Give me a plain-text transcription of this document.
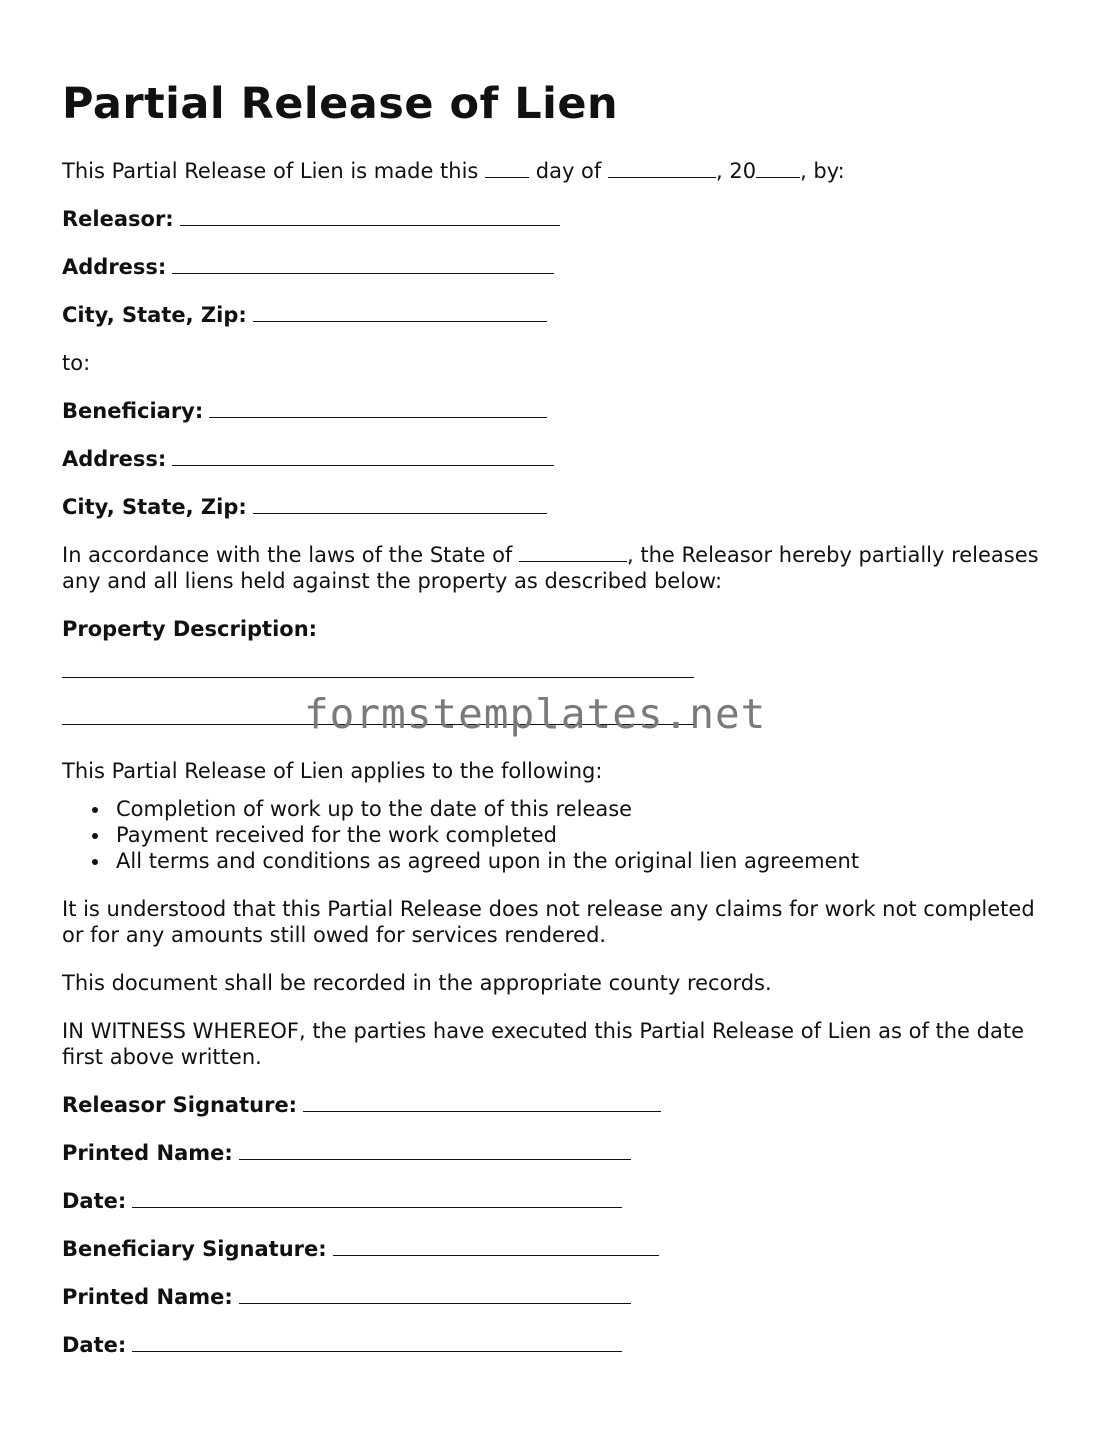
Partial Release of Lien
This Partial Release of Lien is made this	day of	, 20 , by:
Releasor:
Address:
City, State, Zip:
to:
Beneficiary:
Address:
City, State, Zip:
In accordance with the laws of the State of	, the Releasor hereby partially releases any and all liens held against the property as described below:
Property Description:
formstemplates.net
This Partial Release of Lien applies to the following:
Completion of work up to the date of this release
Payment received for the work completed
All terms and conditions as agreed upon in the original lien agreement
It is understood that this Partial Release does not release any claims for work not completed or for any amounts still owed for services rendered.
This document shall be recorded in the appropriate county records.
IN WITNESS WHEREOF, the parties have executed this Partial Release of Lien as of the date first above written.
Releasor Signature:
Printed Name:
Date:
Beneficiary Signature:
Printed Name:
Date:
